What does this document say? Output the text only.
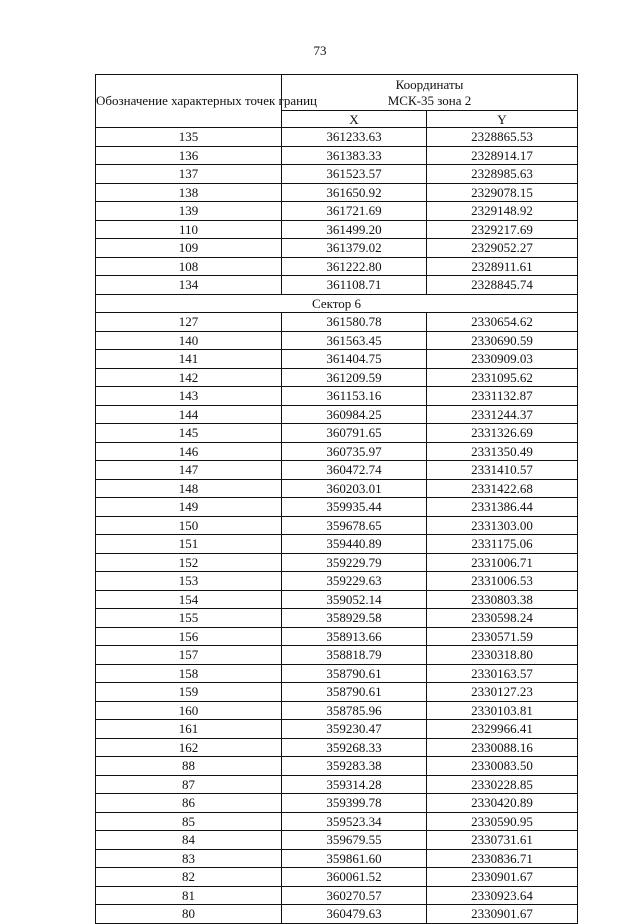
73
Обозначение характерных точек границ	Координаты
МСК-35 зона 2	
	X	Y
135	361233.63	2328865.53
136	361383.33	2328914.17
137	361523.57	2328985.63
138	361650.92	2329078.15
139	361721.69	2329148.92
110	361499.20	2329217.69
109	361379.02	2329052.27
108	361222.80	2328911.61
134	361108.71	2328845.74
Сектор 6		
127	361580.78	2330654.62
140	361563.45	2330690.59
141	361404.75	2330909.03
142	361209.59	2331095.62
143	361153.16	2331132.87
144	360984.25	2331244.37
145	360791.65	2331326.69
146	360735.97	2331350.49
147	360472.74	2331410.57
148	360203.01	2331422.68
149	359935.44	2331386.44
150	359678.65	2331303.00
151	359440.89	2331175.06
152	359229.79	2331006.71
153	359229.63	2331006.53
154	359052.14	2330803.38
155	358929.58	2330598.24
156	358913.66	2330571.59
157	358818.79	2330318.80
158	358790.61	2330163.57
159	358790.61	2330127.23
160	358785.96	2330103.81
161	359230.47	2329966.41
162	359268.33	2330088.16
88	359283.38	2330083.50
87	359314.28	2330228.85
86	359399.78	2330420.89
85	359523.34	2330590.95
84	359679.55	2330731.61
83	359861.60	2330836.71
82	360061.52	2330901.67
81	360270.57	2330923.64
80	360479.63	2330901.67
